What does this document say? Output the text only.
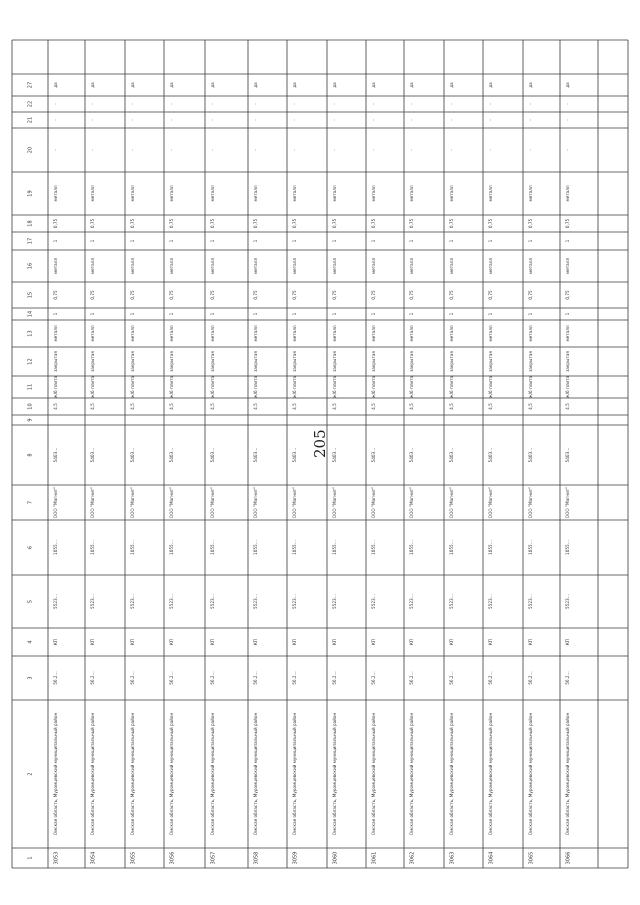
205
1
2
3
4
5
6
7
8
9
10
11
12
13
14
15
16
17
18
19
20
21
22
27
3053
Омская область, Муромцевский муниципальный район
56.2…
КП
5523…
1055…
ООО "Магнит"
5403…
4,5
ж/б плита
закрытая
металл
1
0,75
металл
1
0,75
металл
-
-
-
да
3054
Омская область, Муромцевский муниципальный район
56.2…
КП
5523…
1055…
ООО "Магнит"
5403…
4,5
ж/б плита
закрытая
металл
1
0,75
металл
1
0,75
металл
-
-
-
да
3055
Омская область, Муромцевский муниципальный район
56.2…
КП
5523…
1055…
ООО "Магнит"
5403…
4,5
ж/б плита
закрытая
металл
1
0,75
металл
1
0,75
металл
-
-
-
да
3056
Омская область, Муромцевский муниципальный район
56.2…
КП
5523…
1055…
ООО "Магнит"
5403…
4,5
ж/б плита
закрытая
металл
1
0,75
металл
1
0,75
металл
-
-
-
да
3057
Омская область, Муромцевский муниципальный район
56.2…
КП
5523…
1055…
ООО "Магнит"
5403…
4,5
ж/б плита
закрытая
металл
1
0,75
металл
1
0,75
металл
-
-
-
да
3058
Омская область, Муромцевский муниципальный район
56.2…
КП
5523…
1055…
ООО "Магнит"
5403…
4,5
ж/б плита
закрытая
металл
1
0,75
металл
1
0,75
металл
-
-
-
да
3059
Омская область, Муромцевский муниципальный район
56.2…
КП
5523…
1055…
ООО "Магнит"
5403…
4,5
ж/б плита
закрытая
металл
1
0,75
металл
1
0,75
металл
-
-
-
да
3060
Омская область, Муромцевский муниципальный район
56.2…
КП
5523…
1055…
ООО "Магнит"
5403…
4,5
ж/б плита
закрытая
металл
1
0,75
металл
1
0,75
металл
-
-
-
да
3061
Омская область, Муромцевский муниципальный район
56.2…
КП
5523…
1055…
ООО "Магнит"
5403…
4,5
ж/б плита
закрытая
металл
1
0,75
металл
1
0,75
металл
-
-
-
да
3062
Омская область, Муромцевский муниципальный район
56.2…
КП
5523…
1055…
ООО "Магнит"
5403…
4,5
ж/б плита
закрытая
металл
1
0,75
металл
1
0,75
металл
-
-
-
да
3063
Омская область, Муромцевский муниципальный район
56.2…
КП
5523…
1055…
ООО "Магнит"
5403…
4,5
ж/б плита
закрытая
металл
1
0,75
металл
1
0,75
металл
-
-
-
да
3064
Омская область, Муромцевский муниципальный район
56.2…
КП
5523…
1055…
ООО "Магнит"
5403…
4,5
ж/б плита
закрытая
металл
1
0,75
металл
1
0,75
металл
-
-
-
да
3065
Омская область, Муромцевский муниципальный район
56.2…
КП
5523…
1055…
ООО "Магнит"
5403…
4,5
ж/б плита
закрытая
металл
1
0,75
металл
1
0,75
металл
-
-
-
да
3066
Омская область, Муромцевский муниципальный район
56.2…
КП
5523…
1055…
ООО "Магнит"
5403…
4,5
ж/б плита
закрытая
металл
1
0,75
металл
1
0,75
металл
-
-
-
да
